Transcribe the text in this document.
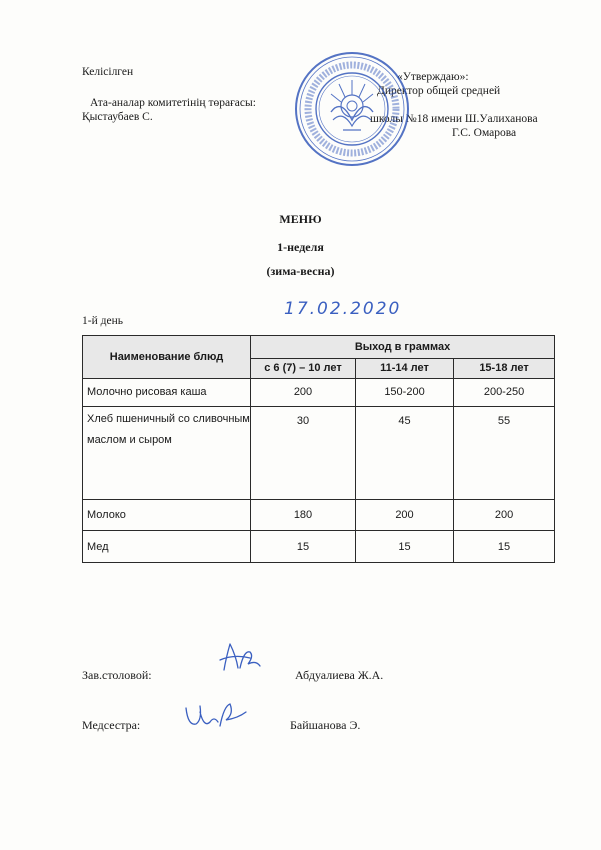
Келісілген
Ата-аналар комитетінің төрағасы:
Қыстаубаев С.
«Утверждаю»:
Директор общей средней
школы №18 имени Ш.Уалиханова
Г.С. Омарова
МЕНЮ
1-неделя
(зима-весна)
1-й день
17.02.2020
Наименование блюд	Выход в граммах		
	с 6 (7) – 10 лет	11-14 лет	15-18 лет
Молочно рисовая каша	200	150-200	200-250
Хлеб пшеничный со сливочным маслом и сыром	30	45	55
Молоко	180	200	200
Мед	15	15	15
Зав.столовой:	Абдуалиева Ж.А.
Медсестра:	Байшанова Э.
